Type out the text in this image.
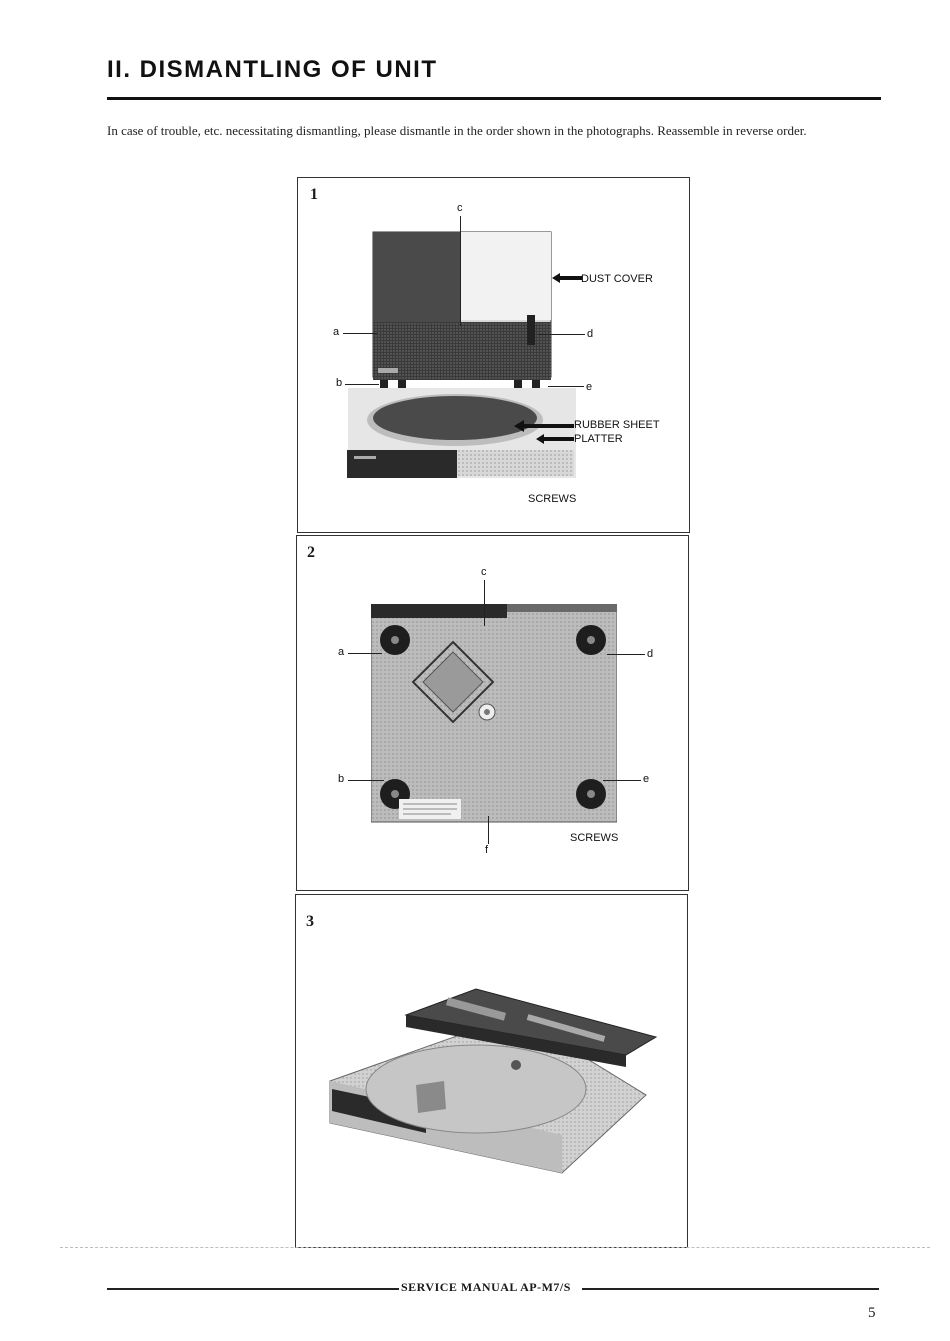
II. DISMANTLING OF UNIT
In case of trouble, etc. necessitating dismantling, please dismantle in the order shown in the photographs. Reassemble in reverse order.
1
c
a
b
d
e
DUST COVER
RUBBER SHEET
PLATTER
SCREWS
2
c
a	d
b	e
SCREWS
f
3
SERVICE MANUAL AP-M7/S
5
